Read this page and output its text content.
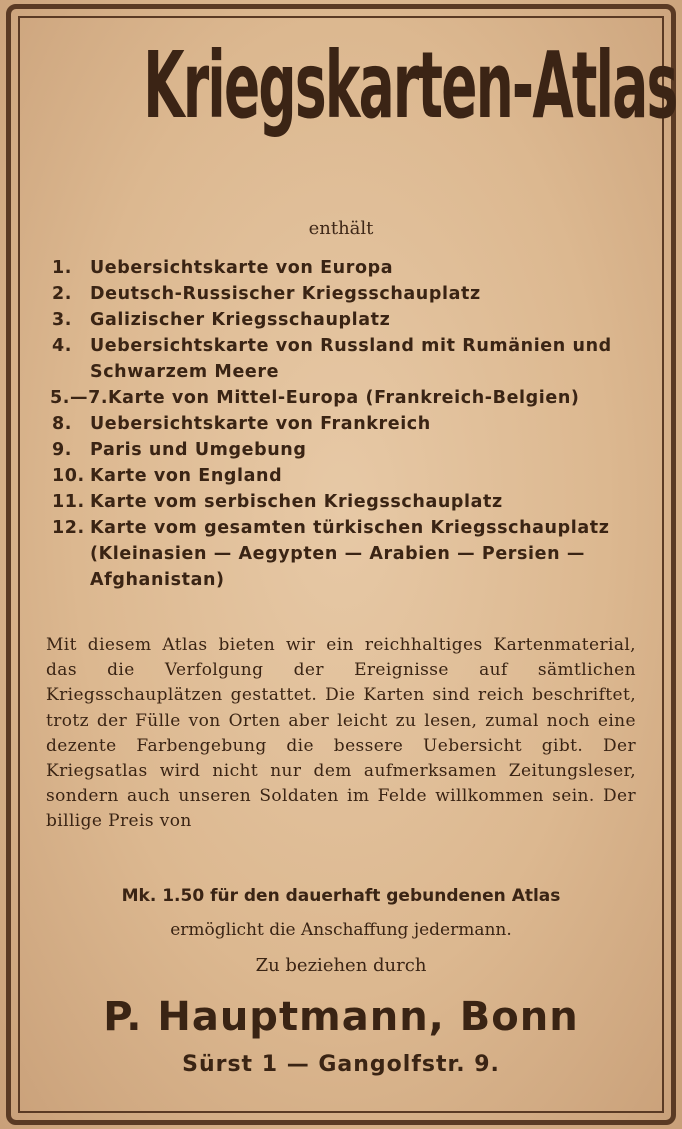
Kriegskarten-Atlas
enthält
1. Uebersichtskarte von Europa
2. Deutsch-Russischer Kriegsschauplatz
3. Galizischer Kriegsschauplatz
4. Uebersichtskarte von Russland mit Rumänien und Schwarzem Meere
5.—7. Karte von Mittel-Europa (Frankreich-Belgien)
8. Uebersichtskarte von Frankreich
9. Paris und Umgebung
10. Karte von England
11. Karte vom serbischen Kriegsschauplatz
12. Karte vom gesamten türkischen Kriegsschauplatz (Kleinasien — Aegypten — Arabien — Persien — Afghanistan)

Mit diesem Atlas bieten wir ein reichhaltiges Kartenmaterial, das die Verfolgung der Ereignisse auf sämtlichen Kriegsschauplätzen gestattet. Die Karten sind reich beschriftet, trotz der Fülle von Orten aber leicht zu lesen, zumal noch eine dezente Farbengebung die bessere Uebersicht gibt. Der Kriegsatlas wird nicht nur dem aufmerksamen Zeitungsleser, sondern auch unseren Soldaten im Felde willkommen sein. Der billige Preis von

Mk. 1.50 für den dauerhaft gebundenen Atlas
ermöglicht die Anschaffung jedermann.
Zu beziehen durch
P. Hauptmann, Bonn
Sürst 1 — Gangolfstr. 9.
